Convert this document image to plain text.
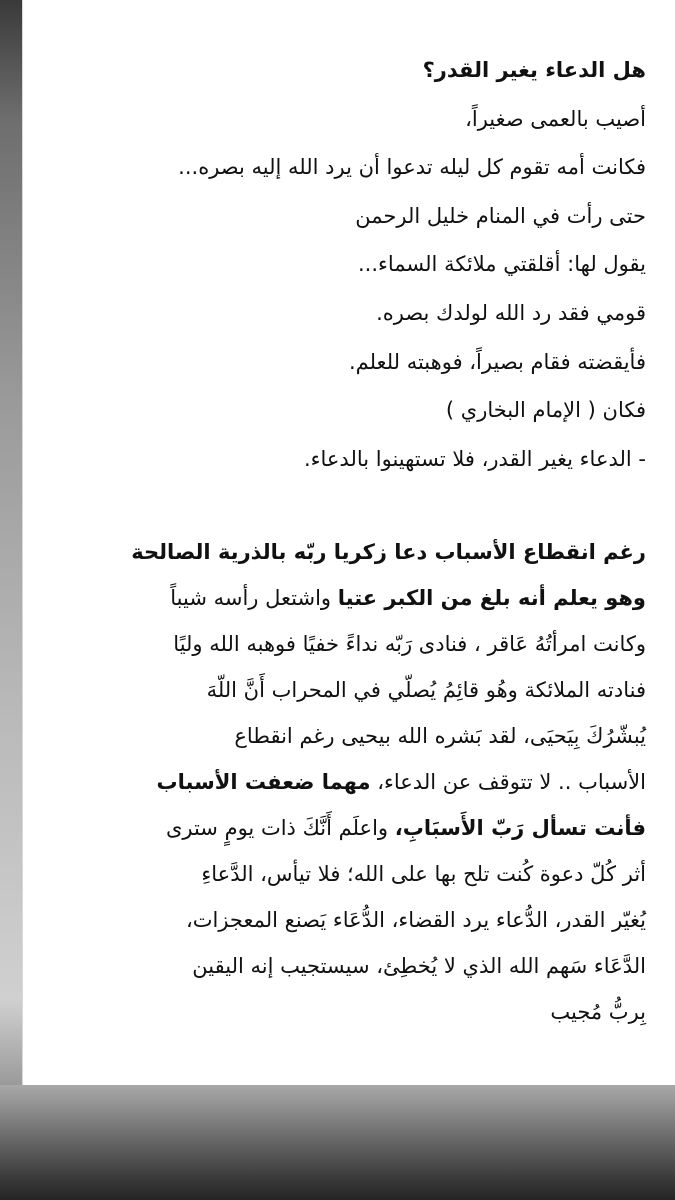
هل الدعاء يغير القدر؟
أصيب بالعمى صغيراً،
فكانت أمه تقوم كل ليله تدعوا أن يرد الله إليه بصره...
حتى رأت في المنام خليل الرحمن
يقول لها: أقلقتي ملائكة السماء...
قومي فقد رد الله لولدك بصره.
فأيقضته فقام بصيراً، فوهبته للعلم.
فكان ( الإمام البخاري )
- الدعاء يغير القدر، فلا تستهينوا بالدعاء.
رغم انقطاع الأسباب دعا زكريا ربّه بالذرية الصالحة
وهو يعلم أنه بلغ من الكبر عتيا واشتعل رأسه شيباً
وكانت امرأتُهُ عَاقر ، فنادى رَبّه نداءً خفيًا فوهبه الله وليًا
فنادته الملائكة وهُو قائِمُ يُصلّي في المحراب أَنَّ اللّهَ
يُبشّرُكَ بِيَحيَى، لقد بَشره الله بيحيى رغم انقطاع
الأسباب .. لا تتوقف عن الدعاء، مهما ضعفت الأسباب
فأنت تسأل رَبّ الأَسبَابِ، واعلَم أَنَّكَ ذات يومٍ سترى
أثر كُلّ دعوة كُنت تلح بها على الله؛ فلا تيأس، الدَّعاءِ
يُغيّر القدر، الدُّعاء يرد القضاء، الدُّعَاء يَصنع المعجزات،
الدَّعَاء سَهم الله الذي لا يُخطِئ، سيستجيب إنه اليقين
بِربُّ مُجيب
